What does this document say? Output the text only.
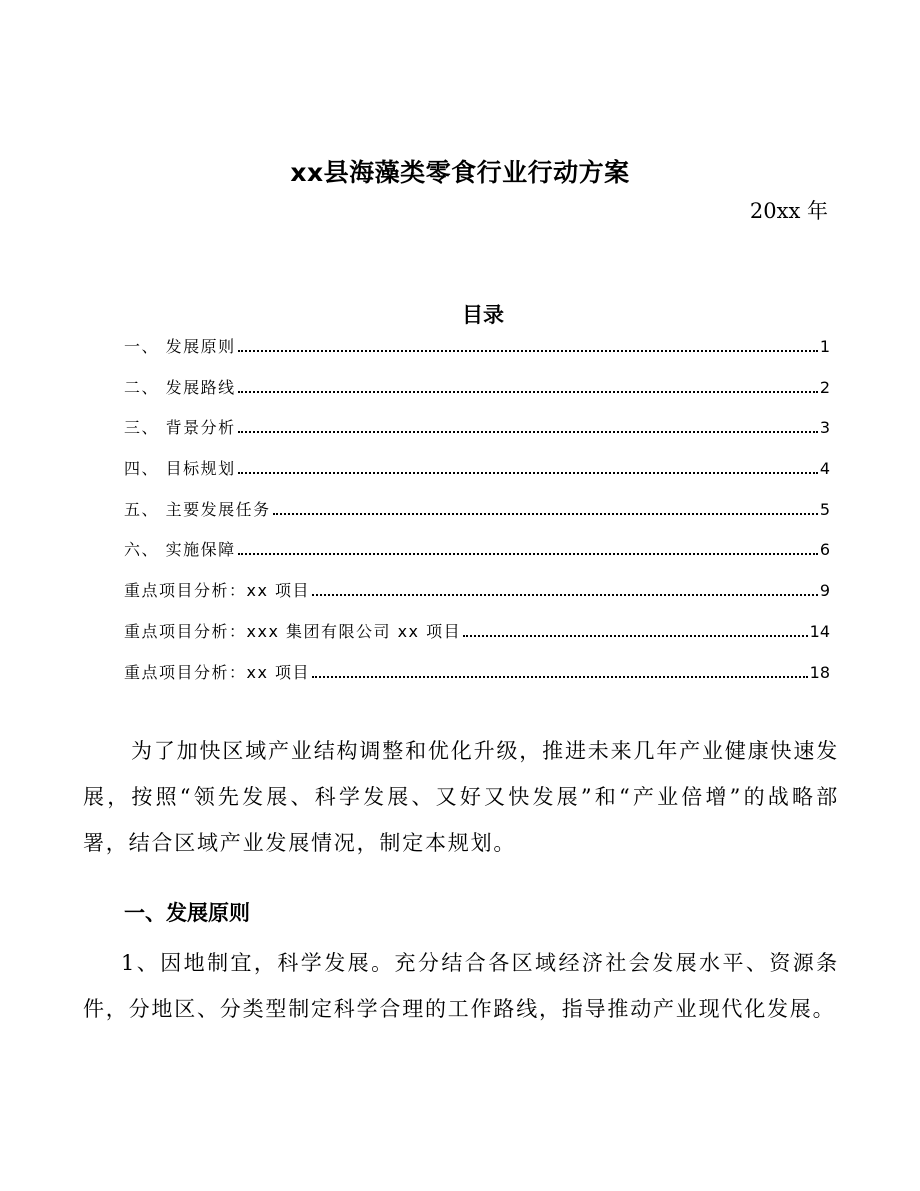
xx县海藻类零食行业行动方案
20xx 年
目录
一、 发展原则	1
二、 发展路线	2
三、 背景分析	3
四、 目标规划	4
五、 主要发展任务	5
六、 实施保障	6
重点项目分析：xx 项目	9
重点项目分析：xxx 集团有限公司 xx 项目	14
重点项目分析：xx 项目	18

为了加快区域产业结构调整和优化升级，推进未来几年产业健康快速发展，按照“领先发展、科学发展、又好又快发展”和“产业倍增”的战略部署，结合区域产业发展情况，制定本规划。

一、发展原则

1、因地制宜，科学发展。充分结合各区域经济社会发展水平、资源条件，分地区、分类型制定科学合理的工作路线，指导推动产业现代化发展。
